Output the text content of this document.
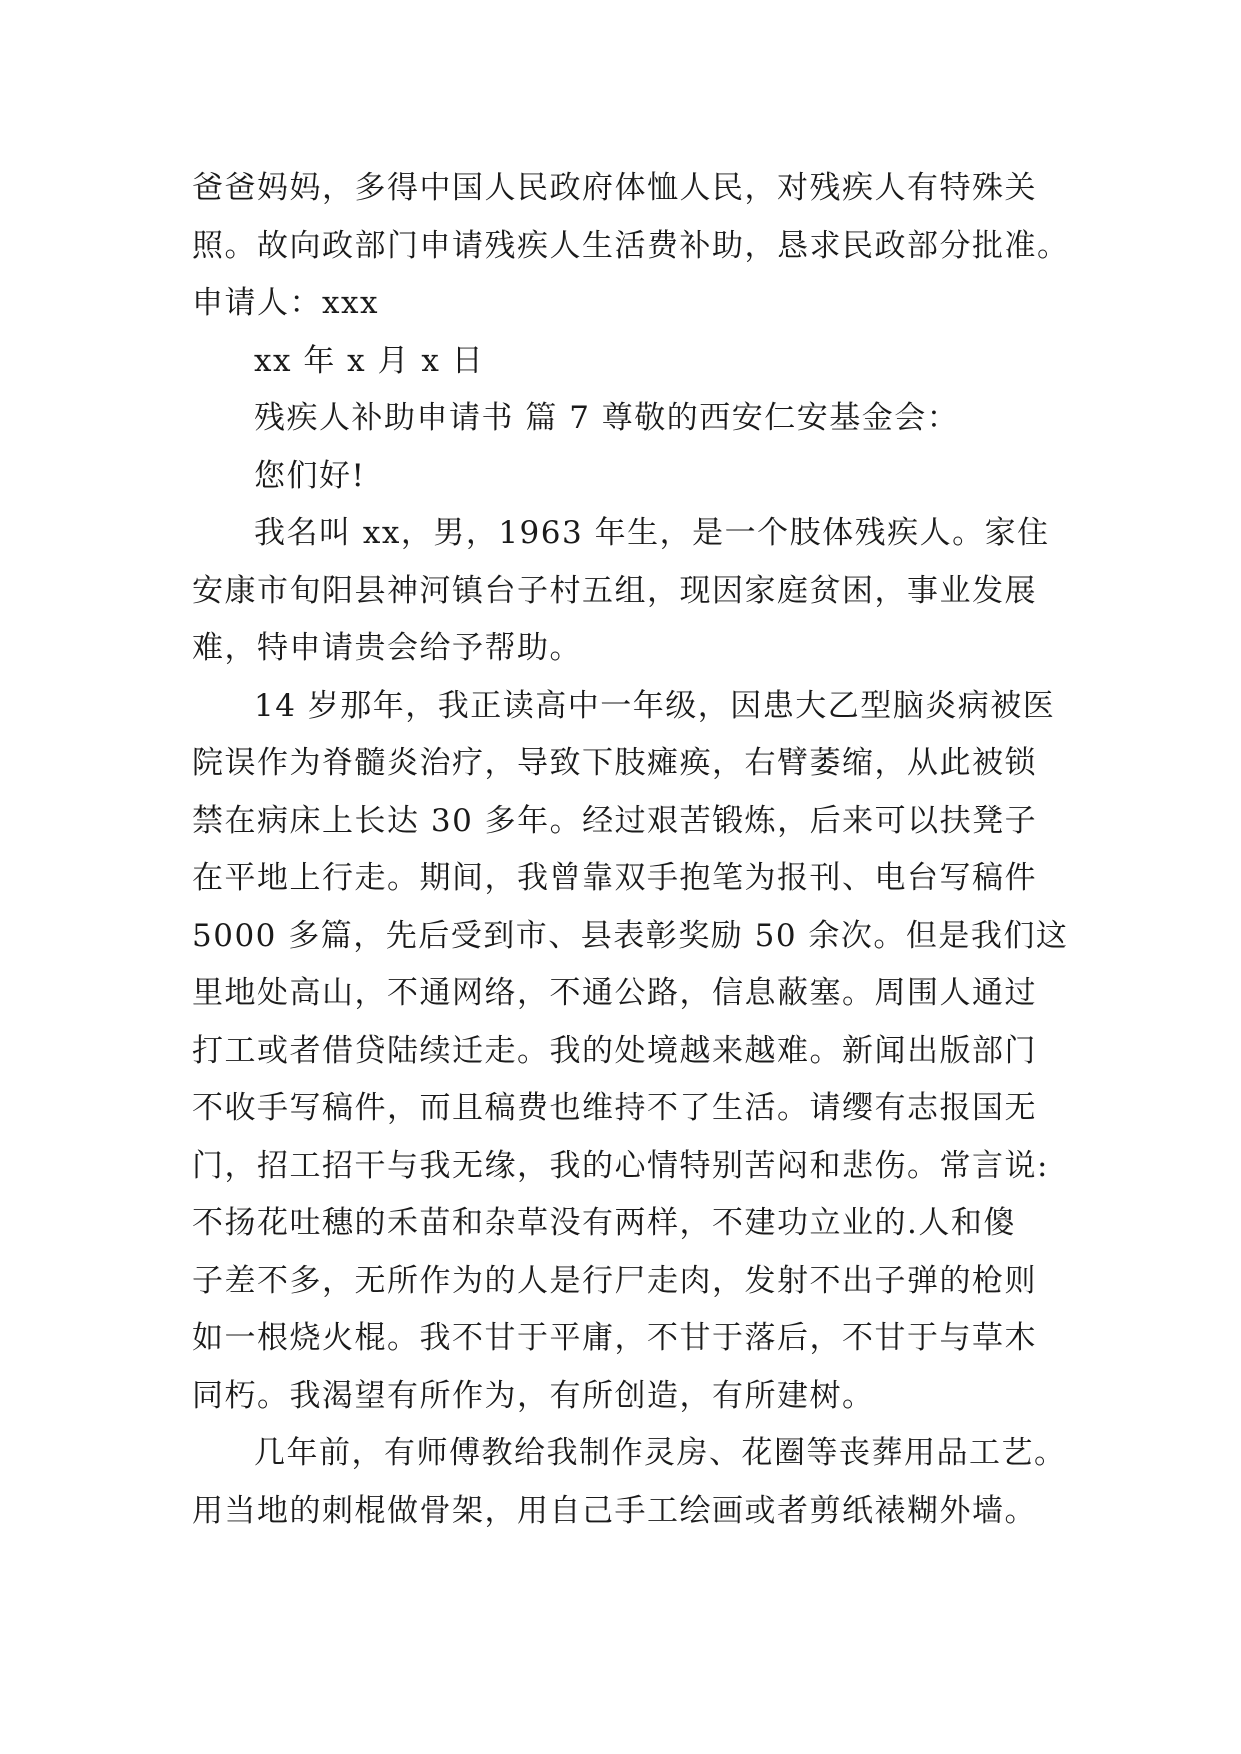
爸爸妈妈，多得中国人民政府体恤人民，对残疾人有特殊关
照。故向政部门申请残疾人生活费补助，恳求民政部分批准。
申请人：xxx
xx 年 x 月 x 日
残疾人补助申请书 篇 7 尊敬的西安仁安基金会：
您们好!
我名叫 xx，男，1963 年生，是一个肢体残疾人。家住
安康市旬阳县神河镇台子村五组，现因家庭贫困，事业发展
难，特申请贵会给予帮助。
14 岁那年，我正读高中一年级，因患大乙型脑炎病被医
院误作为脊髓炎治疗，导致下肢瘫痪，右臂萎缩，从此被锁
禁在病床上长达 30 多年。经过艰苦锻炼，后来可以扶凳子
在平地上行走。期间，我曾靠双手抱笔为报刊、电台写稿件
5000 多篇，先后受到市、县表彰奖励 50 余次。但是我们这
里地处高山，不通网络，不通公路，信息蔽塞。周围人通过
打工或者借贷陆续迁走。我的处境越来越难。新闻出版部门
不收手写稿件，而且稿费也维持不了生活。请缨有志报国无
门，招工招干与我无缘，我的心情特别苦闷和悲伤。常言说:
不扬花吐穗的禾苗和杂草没有两样，不建功立业的.人和傻
子差不多，无所作为的人是行尸走肉，发射不出子弹的枪则
如一根烧火棍。我不甘于平庸，不甘于落后，不甘于与草木
同朽。我渴望有所作为，有所创造，有所建树。
几年前，有师傅教给我制作灵房、花圈等丧葬用品工艺。
用当地的刺棍做骨架，用自己手工绘画或者剪纸裱糊外墙。
